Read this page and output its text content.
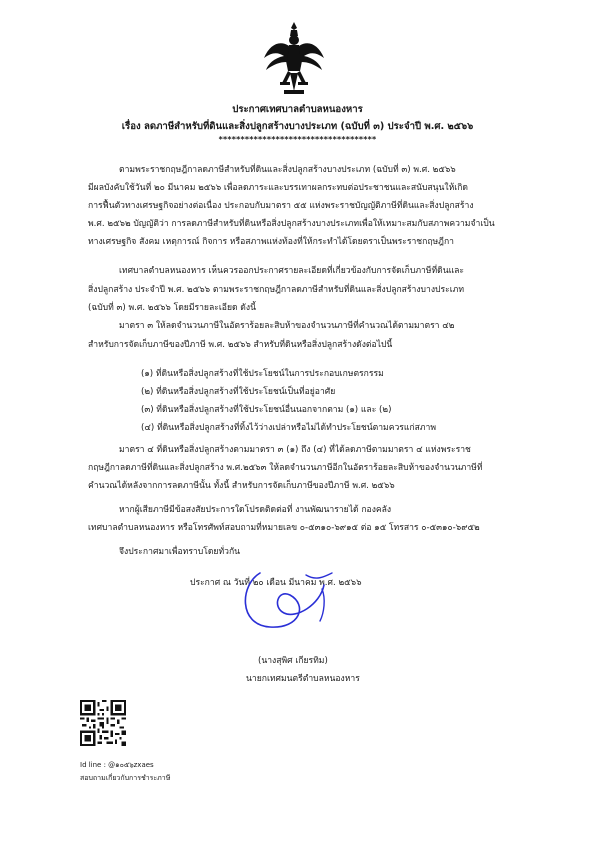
ประกาศเทศบาลตำบลหนองหาร
เรื่อง ลดภาษีสำหรับที่ดินและสิ่งปลูกสร้างบางประเภท (ฉบับที่ ๓) ประจำปี พ.ศ. ๒๕๖๖
************************************
ตามพระราชกฤษฎีกาลดภาษีสำหรับที่ดินและสิ่งปลูกสร้างบางประเภท (ฉบับที่ ๓) พ.ศ. ๒๕๖๖
มีผลบังคับใช้วันที่ ๒๐ มีนาคม ๒๕๖๖ เพื่อลดภาระและบรรเทาผลกระทบต่อประชาชนและสนับสนุนให้เกิด
การฟื้นตัวทางเศรษฐกิจอย่างต่อเนื่อง ประกอบกับมาตรา ๕๕ แห่งพระราชบัญญัติภาษีที่ดินและสิ่งปลูกสร้าง
พ.ศ. ๒๕๖๒ บัญญัติว่า การลดภาษีสำหรับที่ดินหรือสิ่งปลูกสร้างบางประเภทเพื่อให้เหมาะสมกับสภาพความจำเป็น
ทางเศรษฐกิจ สังคม เหตุการณ์ กิจการ หรือสภาพแห่งท้องที่ให้กระทำได้โดยตราเป็นพระราชกฤษฎีกา
เทศบาลตำบลหนองหาร เห็นควรออกประกาศรายละเอียดที่เกี่ยวข้องกับการจัดเก็บภาษีที่ดินและ
สิ่งปลูกสร้าง ประจำปี พ.ศ. ๒๕๖๖ ตามพระราชกฤษฎีกาลดภาษีสำหรับที่ดินและสิ่งปลูกสร้างบางประเภท
(ฉบับที่ ๓) พ.ศ. ๒๕๖๖ โดยมีรายละเอียด ดังนี้
มาตรา ๓ ให้ลดจำนวนภาษีในอัตราร้อยละสิบห้าของจำนวนภาษีที่คำนวณได้ตามมาตรา ๔๒
สำหรับการจัดเก็บภาษีของปีภาษี พ.ศ. ๒๕๖๖ สำหรับที่ดินหรือสิ่งปลูกสร้างดังต่อไปนี้
(๑) ที่ดินหรือสิ่งปลูกสร้างที่ใช้ประโยชน์ในการประกอบเกษตรกรรม
(๒) ที่ดินหรือสิ่งปลูกสร้างที่ใช้ประโยชน์เป็นที่อยู่อาศัย
(๓) ที่ดินหรือสิ่งปลูกสร้างที่ใช้ประโยชน์อื่นนอกจากตาม (๑) และ (๒)
(๔) ที่ดินหรือสิ่งปลูกสร้างที่ทิ้งไว้ว่างเปล่าหรือไม่ได้ทำประโยชน์ตามควรแก่สภาพ
มาตรา ๔ ที่ดินหรือสิ่งปลูกสร้างตามมาตรา ๓ (๑) ถึง (๔) ที่ได้ลดภาษีตามมาตรา ๔ แห่งพระราช
กฤษฎีกาลดภาษีที่ดินและสิ่งปลูกสร้าง พ.ศ.๒๕๖๓ ให้ลดจำนวนภาษีอีกในอัตราร้อยละสิบห้าของจำนวนภาษีที่
คำนวณได้หลังจากการลดภาษีนั้น ทั้งนี้ สำหรับการจัดเก็บภาษีของปีภาษี พ.ศ. ๒๕๖๖
หากผู้เสียภาษีมีข้อสงสัยประการใดโปรดติดต่อที่ งานพัฒนารายได้ กองคลัง
เทศบาลตำบลหนองหาร หรือโทรศัพท์สอบถามที่หมายเลข ๐-๕๓๑๐-๖๙๑๕ ต่อ ๑๕ โทรสาร ๐-๕๓๑๐-๖๙๕๒
จึงประกาศมาเพื่อทราบโดยทั่วกัน
ประกาศ ณ วันที่ ๒๐ เดือน มีนาคม พ.ศ. ๒๕๖๖
(นางสุพิศ เกียรทิม)
นายกเทศมนตรีตำบลหนองหาร
Id line : @๑๐๕๖zxaes
สอบถามเกี่ยวกับการชำระภาษี
